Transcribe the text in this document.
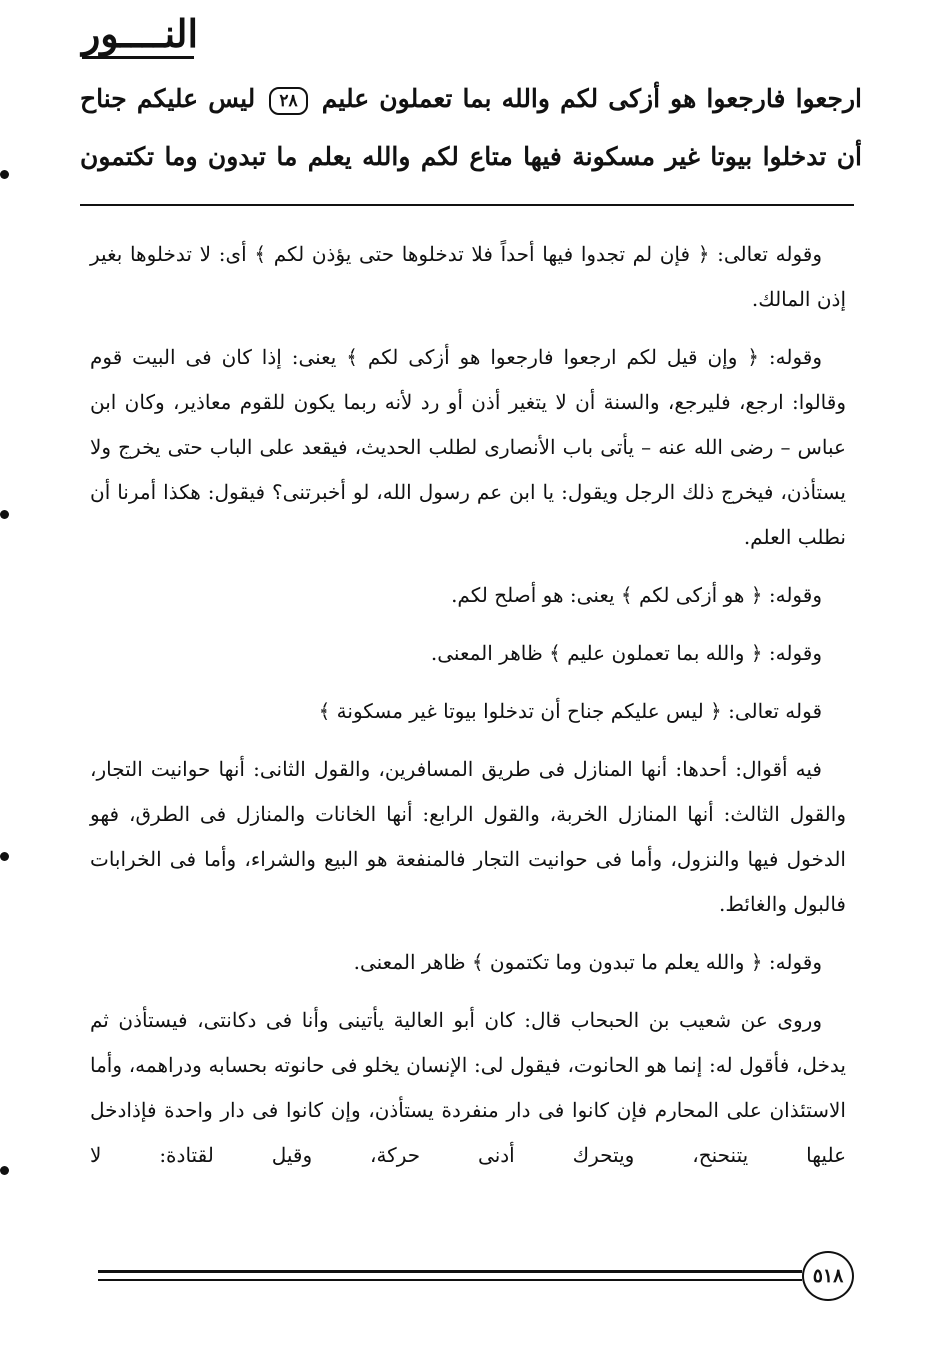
النــــور
ارجعوا فارجعوا هو أزكى لكم والله بما تعملون عليم ٢٨ ليس عليكم جناح
أن تدخلوا بيوتا غير مسكونة فيها متاع لكم والله يعلم ما تبدون وما تكتمون

وقوله تعالى: ﴿ فإن لم تجدوا فيها أحداً فلا تدخلوها حتى يؤذن لكم ﴾ أى: لا تدخلوها بغير إذن المالك.

وقوله: ﴿ وإن قيل لكم ارجعوا فارجعوا هو أزكى لكم ﴾ يعنى: إذا كان فى البيت قوم وقالوا: ارجع، فليرجع، والسنة أن لا يتغير أذن أو رد لأنه ربما يكون للقوم معاذير، وكان ابن عباس – رضى الله عنه – يأتى باب الأنصارى لطلب الحديث، فيقعد على الباب حتى يخرج ولا يستأذن، فيخرج ذلك الرجل ويقول: يا ابن عم رسول الله، لو أخبرتنى؟ فيقول: هكذا أمرنا أن نطلب العلم.

وقوله: ﴿ هو أزكى لكم ﴾ يعنى: هو أصلح لكم.

وقوله: ﴿ والله بما تعملون عليم ﴾ ظاهر المعنى.

قوله تعالى: ﴿ ليس عليكم جناح أن تدخلوا بيوتا غير مسكونة ﴾

فيه أقوال: أحدها: أنها المنازل فى طريق المسافرين، والقول الثانى: أنها حوانيت التجار، والقول الثالث: أنها المنازل الخربة، والقول الرابع: أنها الخانات والمنازل فى الطرق، فهو الدخول فيها والنزول، وأما فى حوانيت التجار فالمنفعة هو البيع والشراء، وأما فى الخرابات فالبول والغائط.

وقوله: ﴿ والله يعلم ما تبدون وما تكتمون ﴾ ظاهر المعنى.

وروى عن شعيب بن الحبحاب قال: كان أبو العالية يأتينى وأنا فى دكانتى، فيستأذن ثم يدخل، فأقول له: إنما هو الحانوت، فيقول لى: الإنسان يخلو فى حانوته بحسابه ودراهمه، وأما الاستئذان على المحارم فإن كانوا فى دار منفردة يستأذن، وإن كانوا فى دار واحدة فإذادخل عليها يتنحنح، ويتحرك أدنى حركة، وقيل لقتادة: لا

٥١٨
